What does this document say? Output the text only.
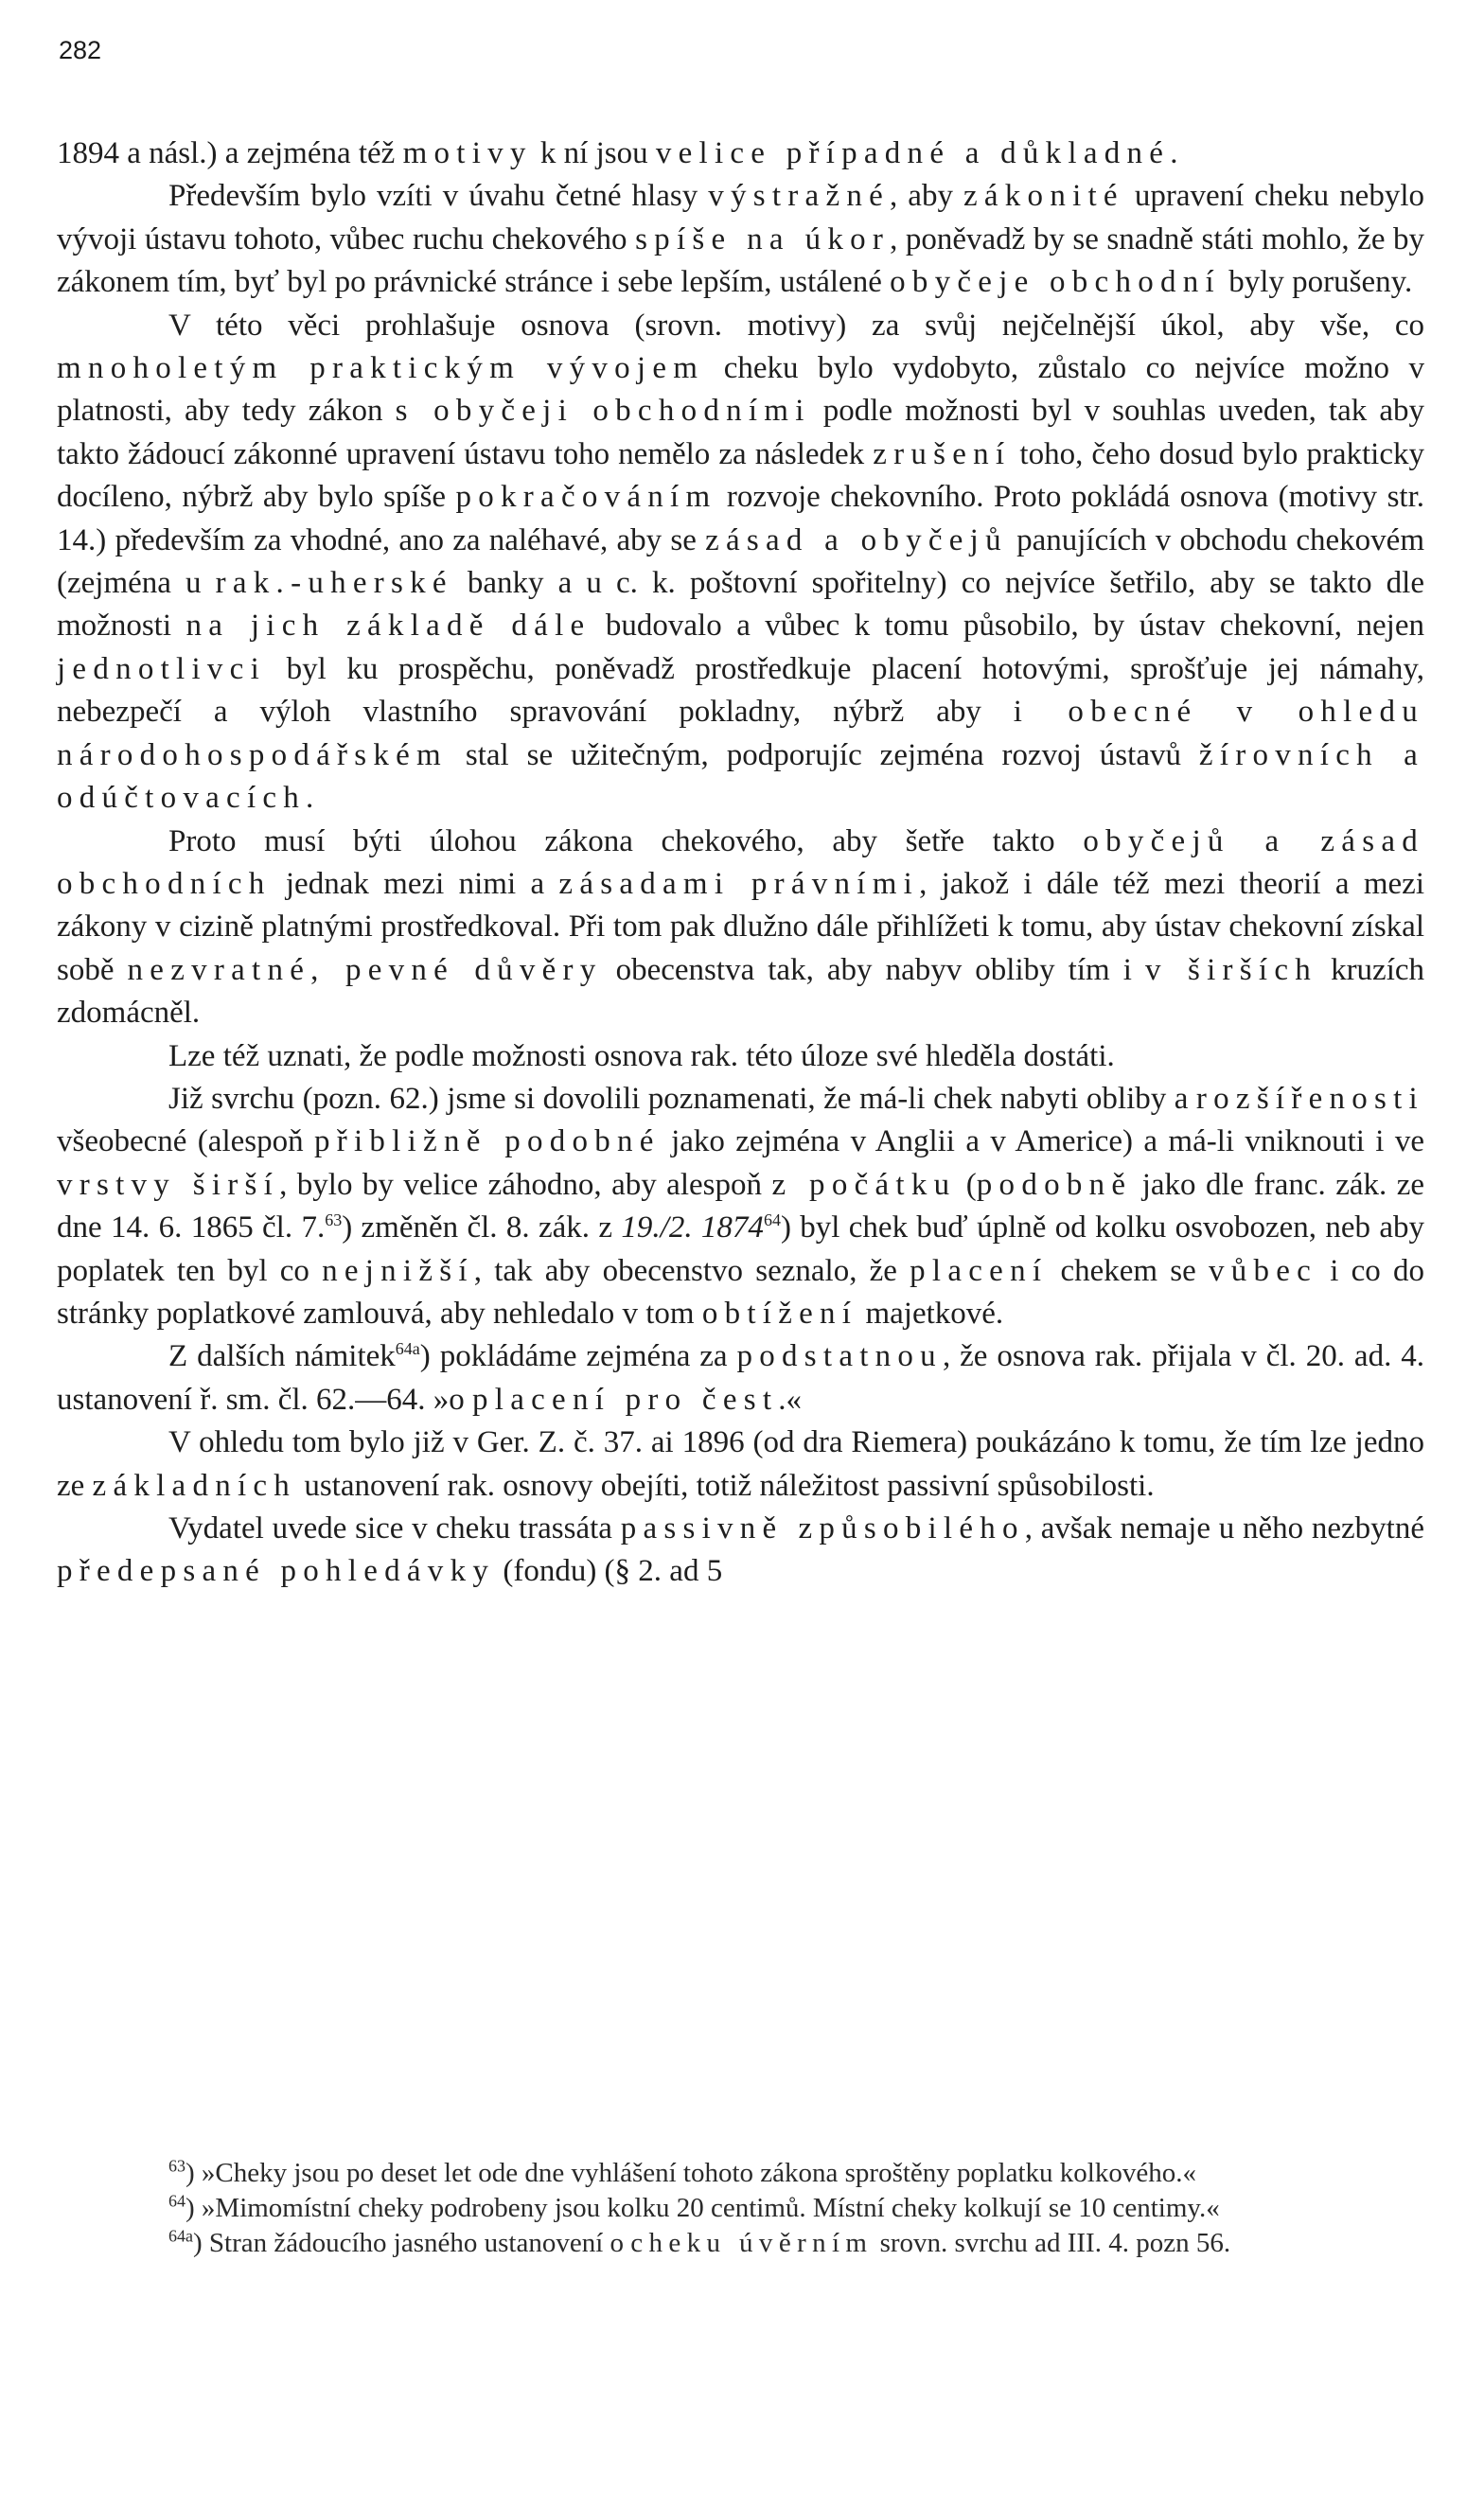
282

1894 a násl.) a zejména též motivy k ní jsou velice případné a důkladné.

Především bylo vzíti v úvahu četné hlasy výstražné, aby zákonité upravení cheku nebylo vývoji ústavu tohoto, vůbec ruchu chekového spíše na úkor, poněvadž by se snadně státi mohlo, že by zákonem tím, byť byl po právnické stránce i sebe lepším, ustálené obyčeje obchodní byly porušeny.

V této věci prohlašuje osnova (srovn. motivy) za svůj nejčelnější úkol, aby vše, co mnoholetým praktickým vývojem cheku bylo vydobyto, zůstalo co nejvíce možno v platnosti, aby tedy zákon s obyčeji obchodními podle možnosti byl v souhlas uveden, tak aby takto žádoucí zákonné upravení ústavu toho nemělo za následek zrušení toho, čeho dosud bylo prakticky docíleno, nýbrž aby bylo spíše pokračováním rozvoje chekovního. Proto pokládá osnova (motivy str. 14.) především za vhodné, ano za naléhavé, aby se zásad a obyčejů panujících v obchodu chekovém (zejména u rak.-uherské banky a u c. k. poštovní spořitelny) co nejvíce šetřilo, aby se takto dle možnosti na jich základě dále budovalo a vůbec k tomu působilo, by ústav chekovní, nejen jednotlivci byl ku prospěchu, poněvadž prostředkuje placení hotovými, sprošťuje jej námahy, nebezpečí a výloh vlastního spravování pokladny, nýbrž aby i obecné v ohledu národohospodářském stal se užitečným, podporujíc zejména rozvoj ústavů žírovních a odúčtovacích.

Proto musí býti úlohou zákona chekového, aby šetře takto obyčejů a zásad obchodních jednak mezi nimi a zásadami právními, jakož i dále též mezi theorií a mezi zákony v cizině platnými prostředkoval. Při tom pak dlužno dále přihlížeti k tomu, aby ústav chekovní získal sobě nezvratné, pevné důvěry obecenstva tak, aby nabyv obliby tím i v širších kruzích zdomácněl.

Lze též uznati, že podle možnosti osnova rak. této úloze své hleděla dostáti.

Již svrchu (pozn. 62.) jsme si dovolili poznamenati, že má-li chek nabyti obliby a rozšířenosti všeobecné (alespoň přibližně podobné jako zejména v Anglii a v Americe) a má-li vniknouti i ve vrstvy širší, bylo by velice záhodno, aby alespoň z počátku (podobně jako dle franc. zák. ze dne 14. 6. 1865 čl. 7.63) změněn čl. 8. zák. z 19./2. 1874$^{64}$) byl chek buď úplně od kolku osvobozen, neb aby poplatek ten byl co nejnižší, tak aby obecenstvo seznalo, že placení chekem se vůbec i co do stránky poplatkové zamlouvá, aby nehledalo v tom obtížení majetkové.

Z dalších námitek$^{64a}$) pokládáme zejména za podstatnou, že osnova rak. přijala v čl. 20. ad. 4. ustanovení ř. sm. čl. 62.—64. »o placení pro čest.«

V ohledu tom bylo již v Ger. Z. č. 37. ai 1896 (od dra Riemera) poukázáno k tomu, že tím lze jedno ze základních ustanovení rak. osnovy obejíti, totiž náležitost passivní spůsobilosti.

Vydatel uvede sice v cheku trassáta passivně způsobilého, avšak nemaje u něho nezbytné předepsané pohledávky (fondu) (§ 2. ad 5

$^{63}$) »Cheky jsou po deset let ode dne vyhlášení tohoto zákona sproštěny poplatku kolkového.«

$^{64}$) »Mimomístní cheky podrobeny jsou kolku 20 centimů. Místní cheky kolkují se 10 centimy.«

$^{64a}$) Stran žádoucího jasného ustanovení o cheku úvěrním srovn. svrchu ad III. 4. pozn 56.
